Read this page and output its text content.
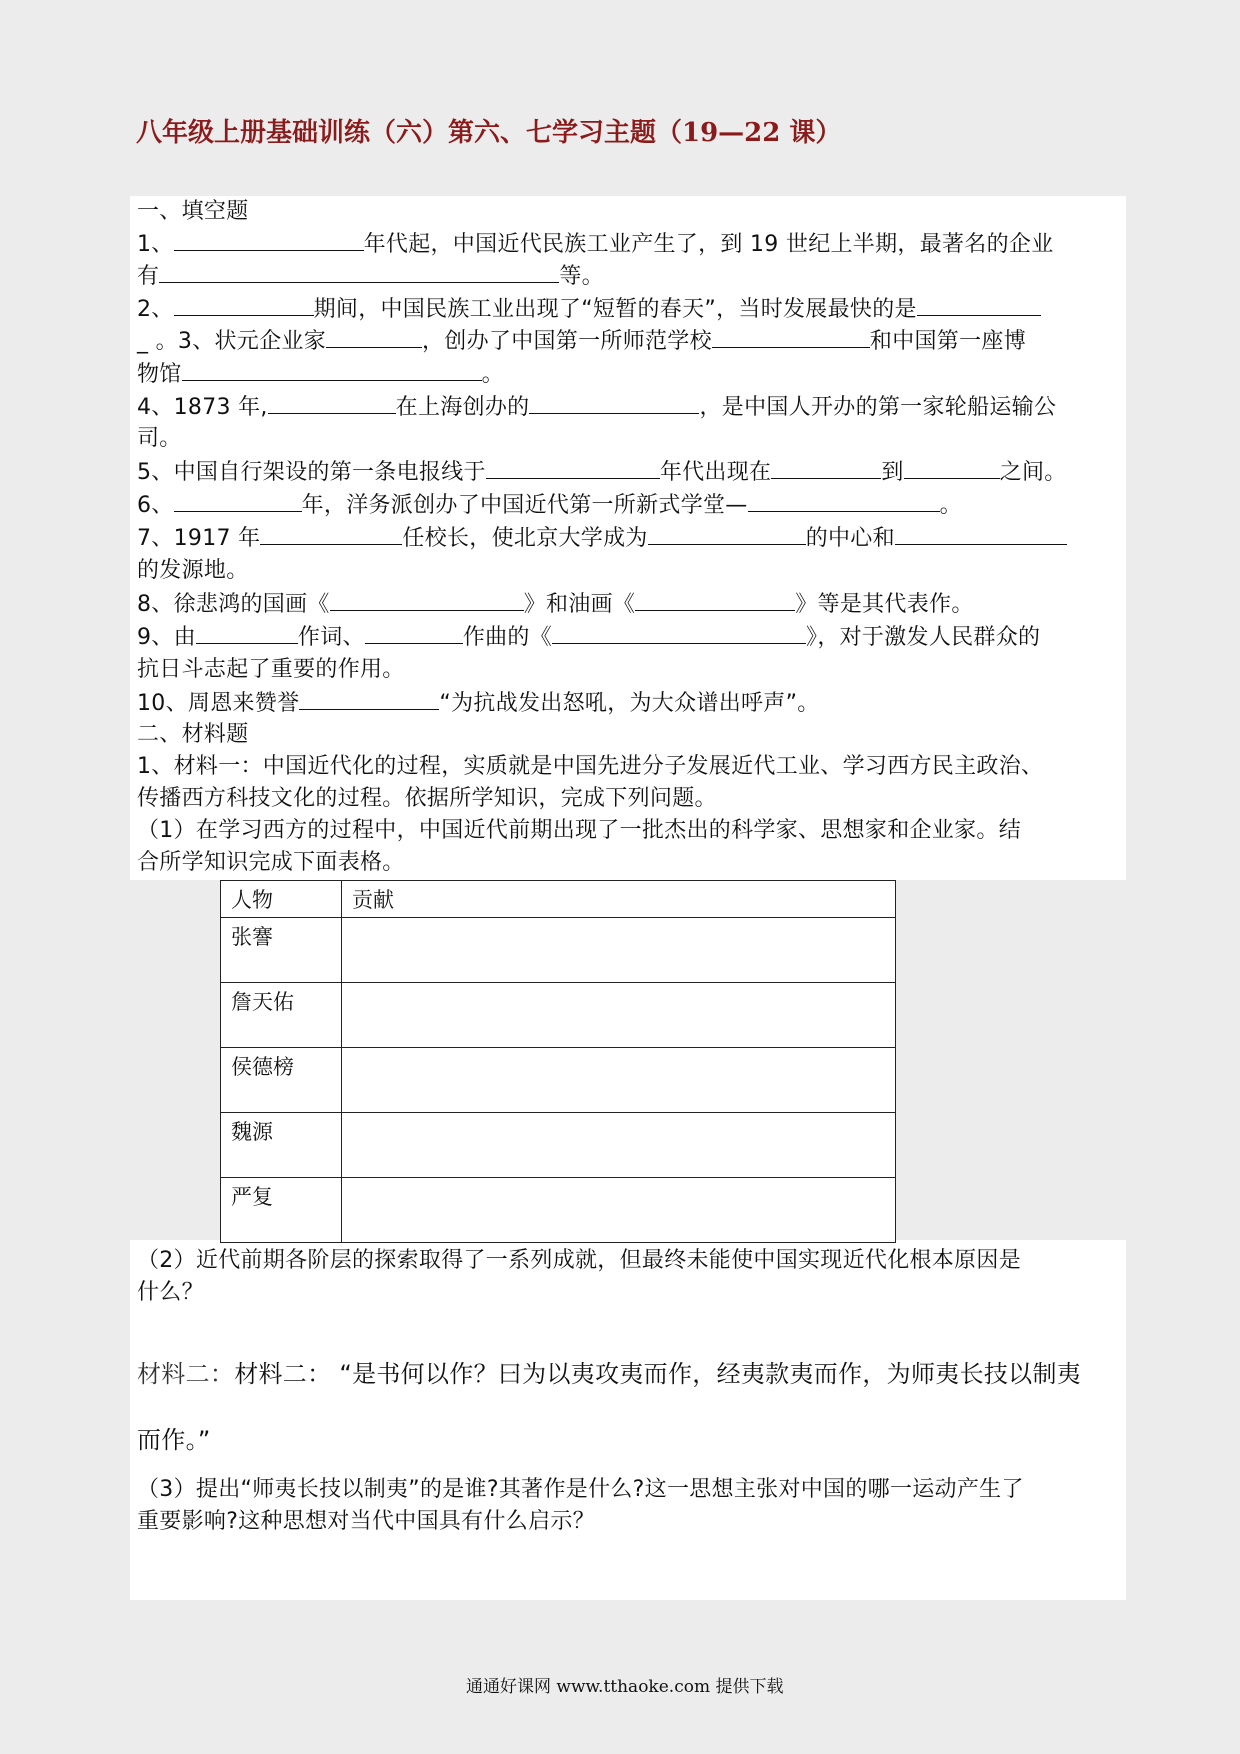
八年级上册基础训练（六）第六、七学习主题（19—22 课）
一、填空题
1、	年代起，中国近代民族工业产生了，到 19 世纪上半期，最著名的企业
有	等。
2、	期间，中国民族工业出现了“短暂的春天”，当时发展最快的是
_ 。3、状元企业家	，创办了中国第一所师范学校	和中国第一座博
物馆	。
4、1873 年,	在上海创办的	，是中国人开办的第一家轮船运输公
司。
5、中国自行架设的第一条电报线于	年代出现在	到	之间。
6、	年，洋务派创办了中国近代第一所新式学堂—	。
7、1917 年	任校长，使北京大学成为	的中心和
的发源地。
8、徐悲鸿的国画《	》和油画《	》等是其代表作。
9、由	作词、	作曲的《	》，对于激发人民群众的
抗日斗志起了重要的作用。
10、周恩来赞誉	“为抗战发出怒吼，为大众谱出呼声”。
二、材料题
1、材料一：中国近代化的过程，实质就是中国先进分子发展近代工业、学习西方民主政治、
传播西方科技文化的过程。依据所学知识，完成下列问题。
（1）在学习西方的过程中，中国近代前期出现了一批杰出的科学家、思想家和企业家。结
合所学知识完成下面表格。
人物	贡献
张謇	
詹天佑	
侯德榜	
魏源	
严复	
（2）近代前期各阶层的探索取得了一系列成就，但最终未能使中国实现近代化根本原因是
什么？
材料二：材料二： “是书何以作？曰为以夷攻夷而作，经夷款夷而作，为师夷长技以制夷
而作。”
（3）提出“师夷长技以制夷”的是谁?其著作是什么?这一思想主张对中国的哪一运动产生了
重要影响?这种思想对当代中国具有什么启示？
通通好课网 www.tthaoke.com 提供下载
